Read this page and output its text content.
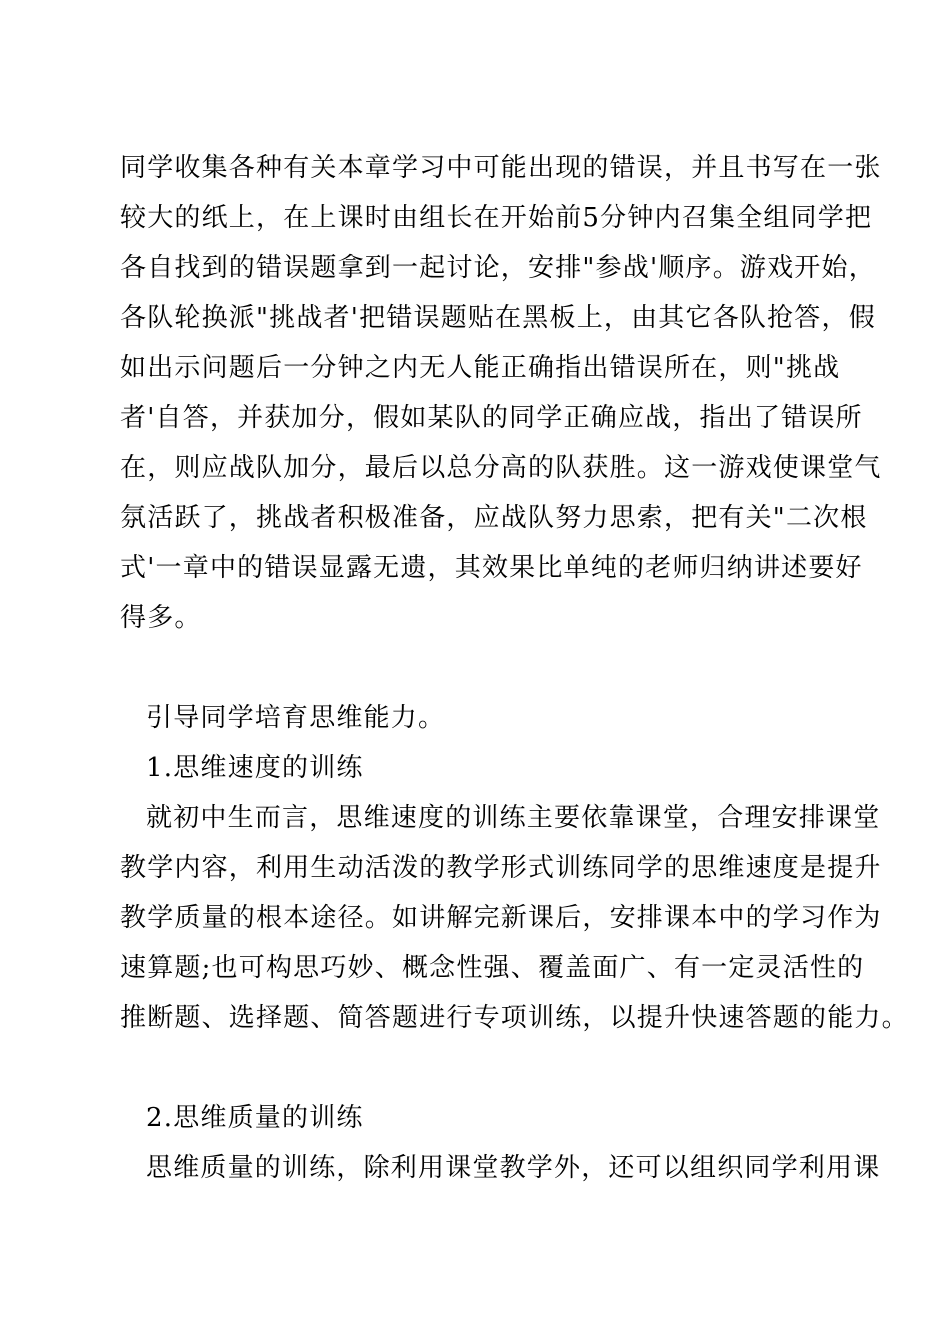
同学收集各种有关本章学习中可能出现的错误，并且书写在一张
较大的纸上，在上课时由组长在开始前5分钟内召集全组同学把
各自找到的错误题拿到一起讨论，安排"参战'顺序。游戏开始，
各队轮换派"挑战者'把错误题贴在黑板上，由其它各队抢答，假
如出示问题后一分钟之内无人能正确指出错误所在，则"挑战
者'自答，并获加分，假如某队的同学正确应战，指出了错误所
在，则应战队加分，最后以总分高的队获胜。这一游戏使课堂气
氛活跃了，挑战者积极准备，应战队努力思索，把有关"二次根
式'一章中的错误显露无遗，其效果比单纯的老师归纳讲述要好
得多。
引导同学培育思维能力。
1.思维速度的训练
就初中生而言，思维速度的训练主要依靠课堂，合理安排课堂
教学内容，利用生动活泼的教学形式训练同学的思维速度是提升
教学质量的根本途径。如讲解完新课后，安排课本中的学习作为
速算题;也可构思巧妙、概念性强、覆盖面广、有一定灵活性的
推断题、选择题、简答题进行专项训练，以提升快速答题的能力。
2.思维质量的训练
思维质量的训练，除利用课堂教学外，还可以组织同学利用课
